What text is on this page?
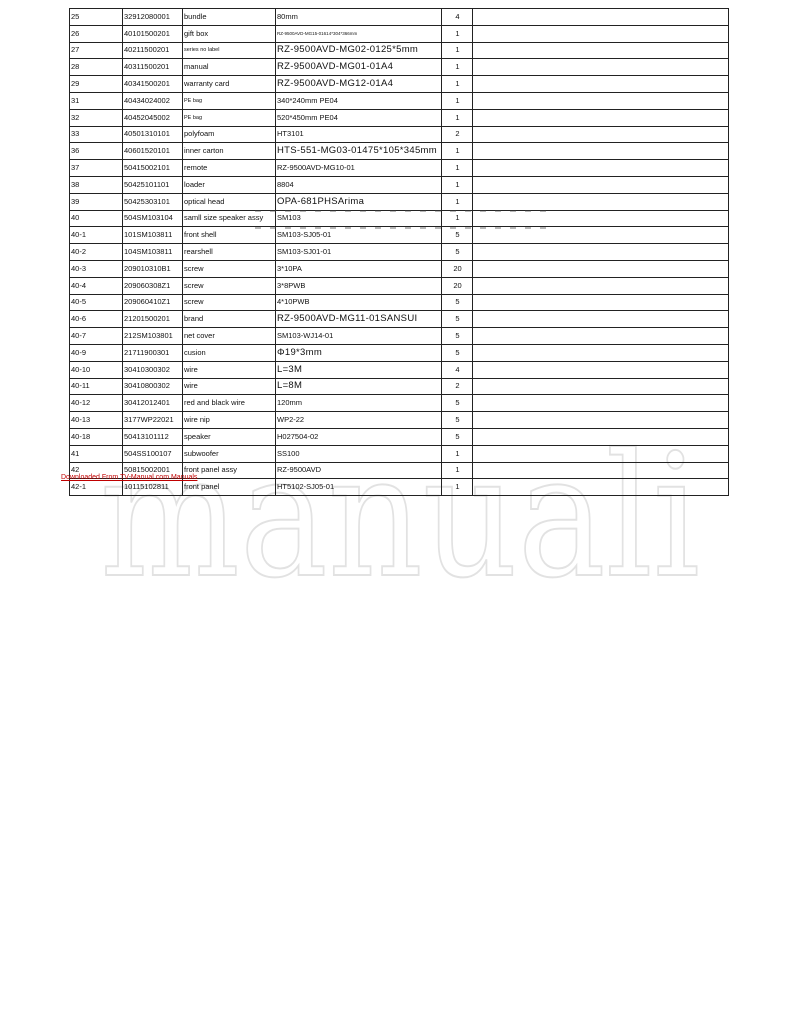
manuali
25	32912080001	bundle	80mm	4	
26	40101500201	gift box	RZ-9500AVD-MG15-01614*304*366mm	1	
27	40211500201	series no label	RZ-9500AVD-MG02-0125*5mm	1	
28	40311500201	manual	RZ-9500AVD-MG01-01A4	1	
29	40341500201	warranty card	RZ-9500AVD-MG12-01A4	1	
31	40434024002	PE bag	340*240mm PE04	1	
32	40452045002	PE bag	520*450mm PE04	1	
33	40501310101	polyfoam	HT3101	2	
36	40601520101	inner carton	HTS-551-MG03-01475*105*345mm	1	
37	50415002101	remote	RZ-9500AVD-MG10-01	1	
38	50425101101	loader	8804	1	
39	50425303101	optical head	OPA-681PHSArima	1	
40	504SM103104	samll size speaker assy	SM103	1	
40-1	101SM103811	front shell	SM103-SJ05-01	5	
40-2	104SM103811	rearshell	SM103-SJ01-01	5	
40-3	209010310B1	screw	3*10PA	20	
40-4	209060308Z1	screw	3*8PWB	20	
40-5	209060410Z1	screw	4*10PWB	5	
40-6	21201500201	brand	RZ-9500AVD-MG11-01SANSUI	5	
40-7	212SM103801	net cover	SM103-WJ14-01	5	
40-9	21711900301	cusion	Φ19*3mm	5	
40-10	30410300302	wire	L=3M	4	
40-11	30410800302	wire	L=8M	2	
40-12	30412012401	red and black wire	120mm	5	
40-13	3177WP22021	wire nip	WP2-22	5	
40-18	50413101112	speaker	H027504-02	5	
41	504SS100107	subwoofer	SS100	1	
42	50815002001	front panel assy	RZ-9500AVD	1	
42-1	10115102811	front panel	HT5102-SJ05-01	1	
Downloaded From TV-Manual.com Manuals
